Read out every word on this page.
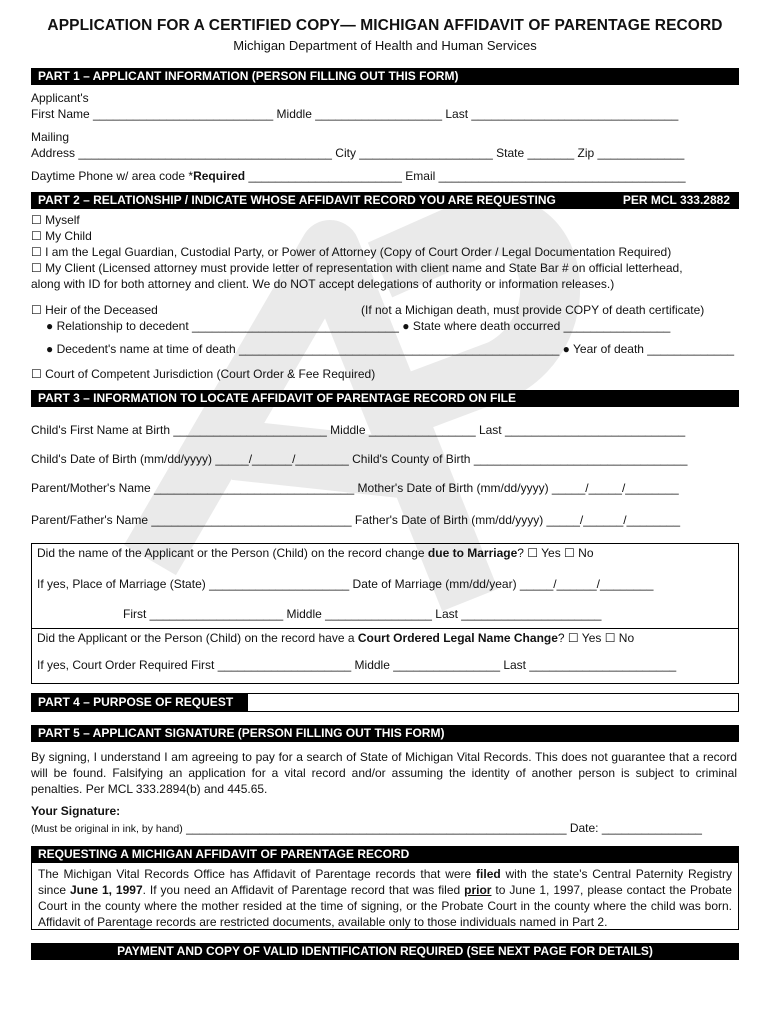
APPLICATION FOR A CERTIFIED COPY— MICHIGAN AFFIDAVIT OF PARENTAGE RECORD
Michigan Department of Health and Human Services
PART 1 – APPLICANT INFORMATION (PERSON FILLING OUT THIS FORM)
Applicant's
First Name ___________________________ Middle ___________________ Last _______________________________
Mailing
Address ______________________________________ City ____________________ State _______ Zip _____________
Daytime Phone w/ area code *Required _______________________ Email _____________________________________
PART 2 – RELATIONSHIP / INDICATE WHOSE AFFIDAVIT RECORD YOU ARE REQUESTING	PER MCL 333.2882
☐ Myself
☐ My Child
☐ I am the Legal Guardian, Custodial Party, or Power of Attorney (Copy of Court Order / Legal Documentation Required)
☐ My Client (Licensed attorney must provide letter of representation with client name and State Bar # on official letterhead,
along with ID for both attorney and client. We do NOT accept delegations of authority or information releases.)
☐ Heir of the Deceased	(If not a Michigan death, must provide COPY of death certificate)
● Relationship to decedent _______________________________ ● State where death occurred ________________
● Decedent's name at time of death ________________________________________________ ● Year of death _____________
☐ Court of Competent Jurisdiction (Court Order & Fee Required)
PART 3 – INFORMATION TO LOCATE AFFIDAVIT OF PARENTAGE RECORD ON FILE
Child's First Name at Birth _______________________ Middle ________________ Last ___________________________
Child's Date of Birth (mm/dd/yyyy) _____/______/________ Child's County of Birth ________________________________
Parent/Mother's Name ______________________________ Mother's Date of Birth (mm/dd/yyyy) _____/_____/________
Parent/Father's Name ______________________________ Father's Date of Birth (mm/dd/yyyy) _____/______/________
Did the name of the Applicant or the Person (Child) on the record change due to Marriage? ☐ Yes ☐ No
If yes, Place of Marriage (State) _____________________ Date of Marriage (mm/dd/year) _____/______/________
First ____________________ Middle ________________ Last _____________________
Did the Applicant or the Person (Child) on the record have a Court Ordered Legal Name Change? ☐ Yes ☐ No
If yes, Court Order Required First ____________________ Middle ________________ Last ______________________
PART 4 – PURPOSE OF REQUEST
PART 5 – APPLICANT SIGNATURE (PERSON FILLING OUT THIS FORM)
By signing, I understand I am agreeing to pay for a search of State of Michigan Vital Records. This does not guarantee that a record will be found. Falsifying an application for a vital record and/or assuming the identity of another person is subject to criminal penalties. Per MCL 333.2894(b) and 445.65.
Your Signature:
(Must be original in ink, by hand) _________________________________________________________ Date: _______________
REQUESTING A MICHIGAN AFFIDAVIT OF PARENTAGE RECORD
The Michigan Vital Records Office has Affidavit of Parentage records that were filed with the state's Central Paternity Registry since June 1, 1997. If you need an Affidavit of Parentage record that was filed prior to June 1, 1997, please contact the Probate Court in the county where the mother resided at the time of signing, or the Probate Court in the county where the child was born. Affidavit of Parentage records are restricted documents, available only to those individuals named in Part 2.
PAYMENT AND COPY OF VALID IDENTIFICATION REQUIRED (SEE NEXT PAGE FOR DETAILS)
